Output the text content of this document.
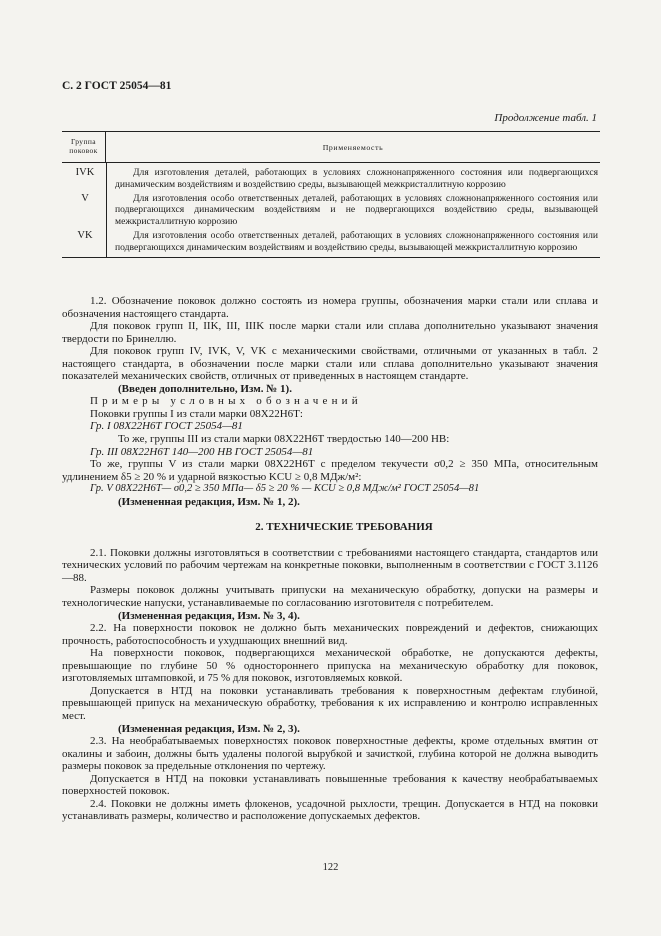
С. 2 ГОСТ 25054—81
Продолжение табл. 1
Группа поковок	Применяемость
IVK	Для изготовления деталей, работающих в условиях сложнонапряженного состояния или подвергающихся динамическим воздействиям и воздействию среды, вызывающей межкристаллитную коррозию
V	Для изготовления особо ответственных деталей, работающих в условиях сложнонапряженного состояния или подвергающихся динамическим воздействиям и не подвергающихся воздействию среды, вызывающей межкристаллитную коррозию
VK	Для изготовления особо ответственных деталей, работающих в условиях сложнонапряженного состояния или подвергающихся динамическим воздействиям и воздействию среды, вызывающей межкристаллитную коррозию

1.2. Обозначение поковок должно состоять из номера группы, обозначения марки стали или сплава и обозначения настоящего стандарта.

Для поковок групп II, IIK, III, IIIK после марки стали или сплава дополнительно указывают значения твердости по Бринеллю.

Для поковок групп IV, IVK, V, VK с механическими свойствами, отличными от указанных в табл. 2 настоящего стандарта, в обозначении после марки стали или сплава дополнительно указывают значения показателей механических свойств, отличных от приведенных в настоящем стандарте.

(Введен дополнительно, Изм. № 1).

Примеры условных обозначений

Поковки группы I из стали марки 08Х22Н6Т:

Гр. I 08Х22Н6Т ГОСТ 25054—81

То же, группы III из стали марки 08Х22Н6Т твердостью 140—200 НВ:

Гр. III 08Х22Н6Т 140—200 НВ ГОСТ 25054—81

То же, группы V из стали марки 08Х22Н6Т с пределом текучести σ0,2 ≥ 350 МПа, относительным удлинением δ5 ≥ 20 % и ударной вязкостью KCU ≥ 0,8 МДж/м²:

Гр. V 08Х22Н6Т— σ0,2 ≥ 350 МПа— δ5 ≥ 20 % — KCU ≥ 0,8 МДж/м² ГОСТ 25054—81

(Измененная редакция, Изм. № 1, 2).

2. ТЕХНИЧЕСКИЕ ТРЕБОВАНИЯ

2.1. Поковки должны изготовляться в соответствии с требованиями настоящего стандарта, стандартов или технических условий по рабочим чертежам на конкретные поковки, выполненным в соответствии с ГОСТ 3.1126—88.

Размеры поковок должны учитывать припуски на механическую обработку, допуски на размеры и технологические напуски, устанавливаемые по согласованию изготовителя с потребителем.

(Измененная редакция, Изм. № 3, 4).

2.2. На поверхности поковок не должно быть механических повреждений и дефектов, снижающих прочность, работоспособность и ухудшающих внешний вид.

На поверхности поковок, подвергающихся механической обработке, не допускаются дефекты, превышающие по глубине 50 % одностороннего припуска на механическую обработку для поковок, изготовляемых штамповкой, и 75 % для поковок, изготовляемых ковкой.

Допускается в НТД на поковки устанавливать требования к поверхностным дефектам глубиной, превышающей припуск на механическую обработку, требования к их исправлению и контролю исправленных мест.

(Измененная редакция, Изм. № 2, 3).

2.3. На необрабатываемых поверхностях поковок поверхностные дефекты, кроме отдельных вмятин от окалины и забоин, должны быть удалены пологой вырубкой и зачисткой, глубина которой не должна выводить размеры поковок за предельные отклонения по чертежу.

Допускается в НТД на поковки устанавливать повышенные требования к качеству необрабатываемых поверхностей поковок.

2.4. Поковки не должны иметь флокенов, усадочной рыхлости, трещин. Допускается в НТД на поковки устанавливать размеры, количество и расположение допускаемых дефектов.

122
